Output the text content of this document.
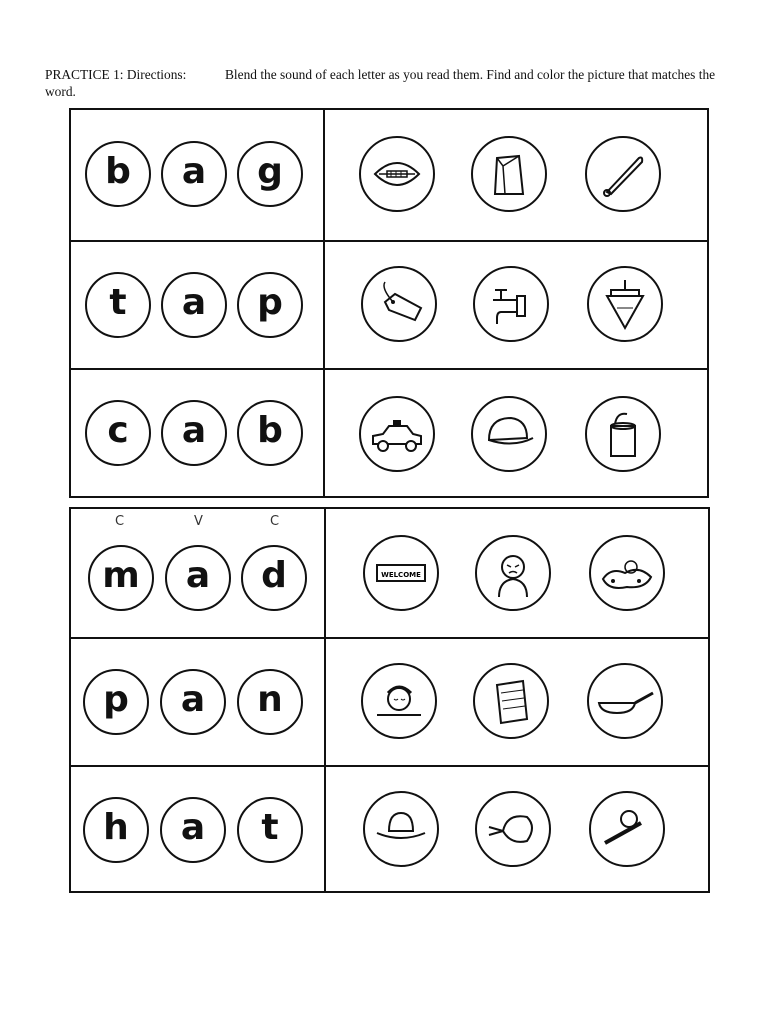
PRACTICE 1: Directions:	Blend the sound of each letter as you read them. Find and color the picture that matches the word.
b	a	g
t	a	p
c	a	b
C	V	C
m	a	d	WELCOME
p	a	n
h	a	t
